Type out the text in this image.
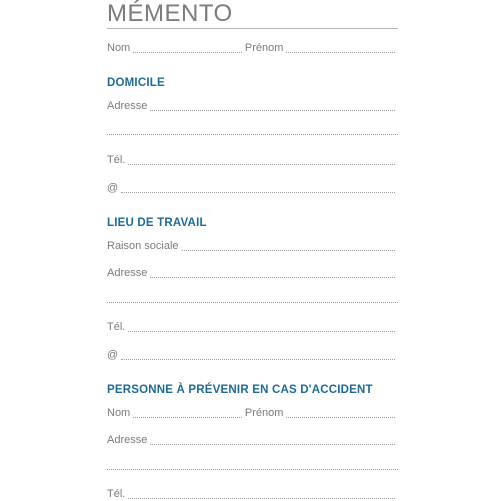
MÉMENTO
Nom	Prénom
DOMICILE
Adresse
Tél.
@
LIEU DE TRAVAIL
Raison sociale
Adresse
Tél.
@
PERSONNE À PRÉVENIR EN CAS D'ACCIDENT
Nom	Prénom
Adresse
Tél.
